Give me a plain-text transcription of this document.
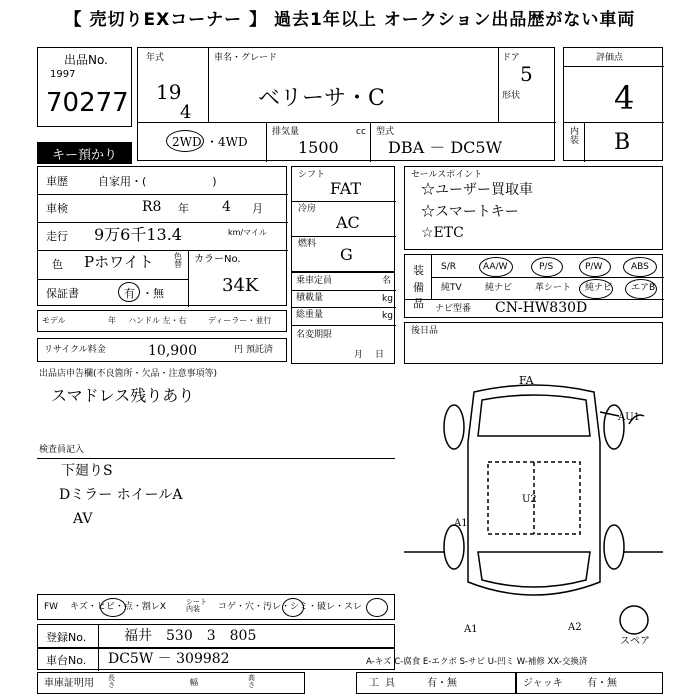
【 売切りEXコーナー 】 過去1年以上 オークション出品歴がない車両
出品No.
1997
70277
キー預かり
年式
19
4
車名・グレード
ベリーサ・C
ドア
5
形状
2WD ・ 4WD
排気量	cc
1500
型式
DBA － DC5W
評価点
4
内装 B
車歴	自家用・(　　　　　　)
車検	R8 年 4 月
走行 9万6千13.4	km/マイル
色 Pホワイト	色替 カラーNo.
34K
保証書	有 ・無
シフト
FAT
冷房
AC
燃料
G
乗車定員	名
積載量	kg
総重量	kg
名変期限
月日
セールスポイント
☆ユーザー買取車
☆スマートキー
☆ETC
装備品
S/R	AA/W	P/S	P/W	ABS
純TV	純ナビ	革シート 純ナビ エアB
ナビ型番 CN-HW830D
モデル	年 ハンドル 左・右	ディーラー・並行
リサイクル料金	10,900	円 預託済
後日品
出品店申告欄(不良箇所・欠品・注意事項等)
スマドレス残りあり
検査員記入
下廻りS
Dミラー ホイールA
AV
FA
AU1
U2
A1
A1	A2
スペア
FW キズ・ヒビ・点・割レX	シート内装	コゲ・穴・汚レ・シミ・破レ・スレ
登録No.	福井　530　3　805
車台No. DC5W － 309982	A-キズ C-腐食 E-エクボ S-サビ U-凹ミ W-補修 XX-交換済
車庫証明用 長さ	幅	高さ	工具	有・無	ジャッキ 有・無
